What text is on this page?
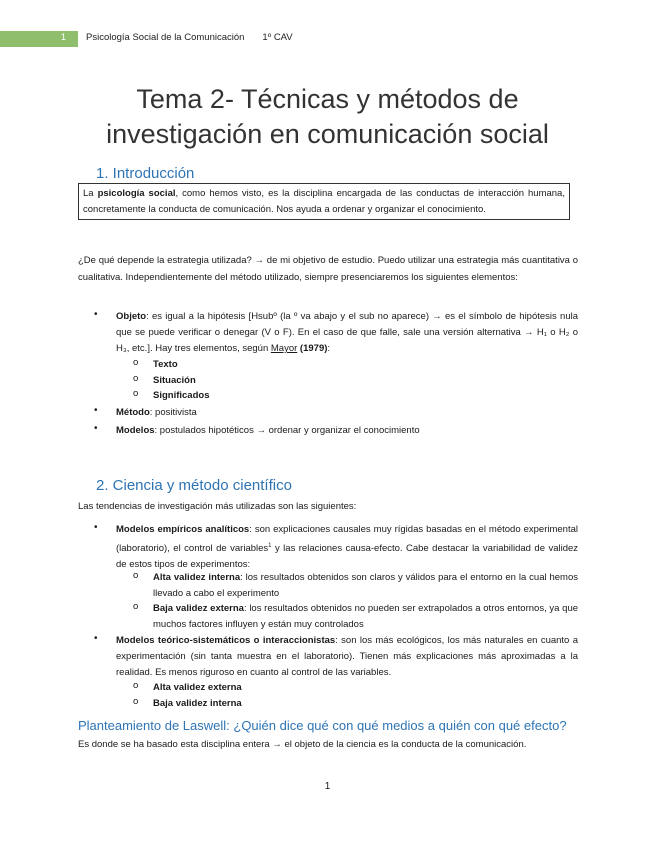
1 Psicología Social de la Comunicación 1º CAV
Tema 2- Técnicas y métodos de
investigación en comunicación social
1. Introducción
La psicología social, como hemos visto, es la disciplina encargada de las conductas de interacción humana, concretamente la conducta de comunicación. Nos ayuda a ordenar y organizar el conocimiento.
¿De qué depende la estrategia utilizada? → de mi objetivo de estudio. Puedo utilizar una estrategia más cuantitativa o cualitativa. Independientemente del método utilizado, siempre presenciaremos los siguientes elementos:
• Objeto: es igual a la hipótesis [Hsubº (la º va abajo y el sub no aparece) → es el símbolo de hipótesis nula que se puede verificar o denegar (V o F). En el caso de que falle, sale una versión alternativa → H₁ o H₂ o H₃, etc.]. Hay tres elementos, según Mayor (1979):
o Texto
o Situación
o Significados
• Método: positivista
• Modelos: postulados hipotéticos → ordenar y organizar el conocimiento
2. Ciencia y método científico
Las tendencias de investigación más utilizadas son las siguientes:
• Modelos empíricos analíticos: son explicaciones causales muy rígidas basadas en el método experimental (laboratorio), el control de variables$^1$ y las relaciones causa-efecto. Cabe destacar la variabilidad de validez de estos tipos de experimentos:
o Alta validez interna: los resultados obtenidos son claros y válidos para el entorno en la cual hemos llevado a cabo el experimento
o Baja validez externa: los resultados obtenidos no pueden ser extrapolados a otros entornos, ya que muchos factores influyen y están muy controlados
• Modelos teórico-sistemáticos o interaccionistas: son los más ecológicos, los más naturales en cuanto a experimentación (sin tanta muestra en el laboratorio). Tienen más explicaciones más aproximadas a la realidad. Es menos riguroso en cuanto al control de las variables.
o Alta validez externa
o Baja validez interna
Planteamiento de Laswell: ¿Quién dice qué con qué medios a quién con qué efecto?
Es donde se ha basado esta disciplina entera → el objeto de la ciencia es la conducta de la comunicación.
1
